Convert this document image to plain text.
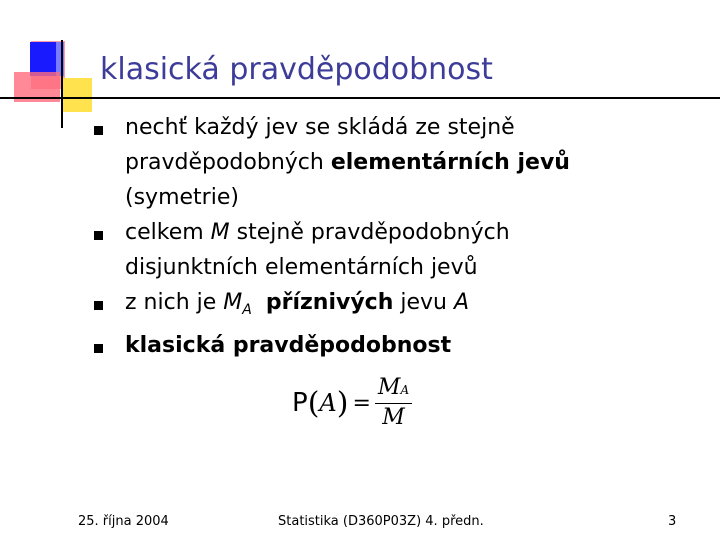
klasická pravděpodobnost
nechť každý jev se skládá ze stejně
pravděpodobných elementárních jevů
(symetrie)
celkem M stejně pravděpodobných
disjunktních elementárních jevů
z nich je $M_A$ příznivých jevu A
klasická pravděpodobnost
P ( A ) = $\frac{MA}{M}$
25. října 2004	Statistika (D360P03Z) 4. předn.	3
